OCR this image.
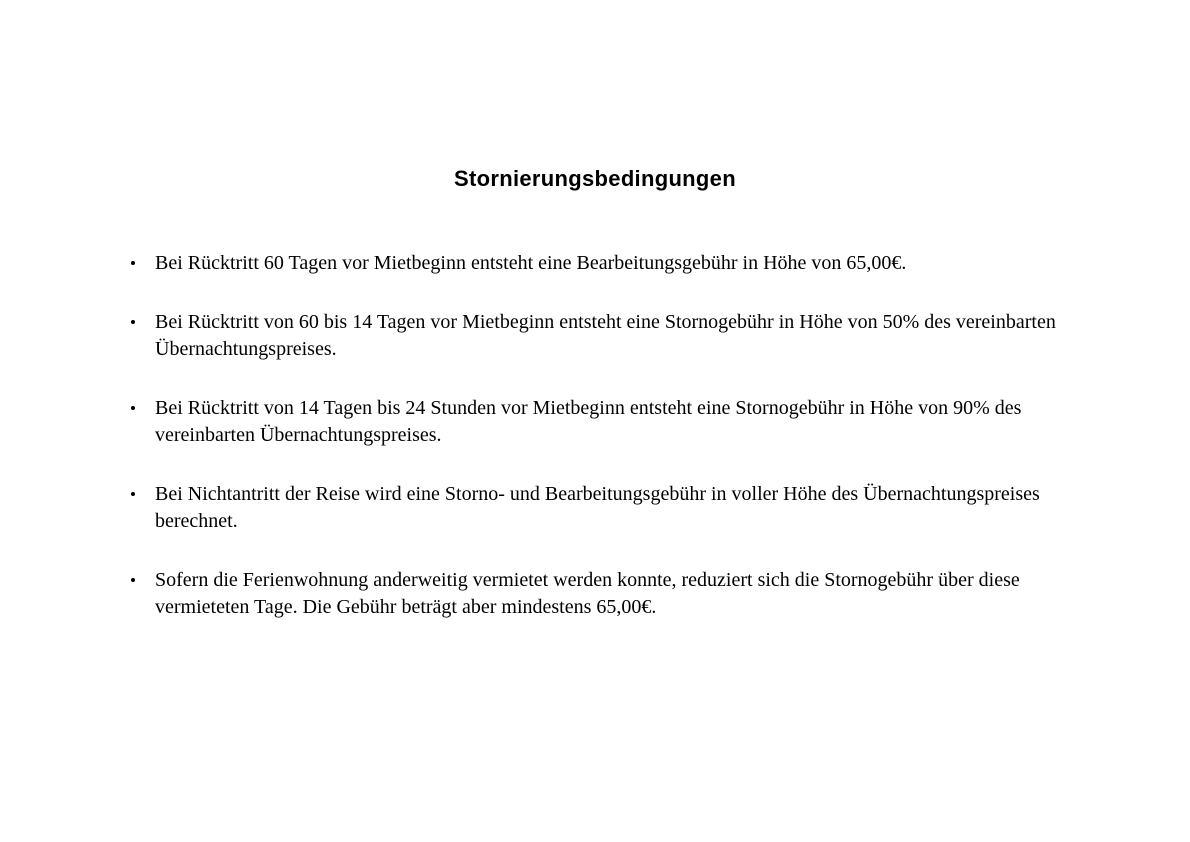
Stornierungsbedingungen
Bei Rücktritt 60 Tagen vor Mietbeginn entsteht eine Bearbeitungsgebühr in Höhe von 65,00€.
Bei Rücktritt von 60 bis 14 Tagen vor Mietbeginn entsteht eine Stornogebühr in Höhe von 50% des vereinbarten Übernachtungspreises.
Bei Rücktritt von 14 Tagen bis 24 Stunden vor Mietbeginn entsteht eine Stornogebühr in Höhe von 90% des vereinbarten Übernachtungspreises.
Bei Nichtantritt der Reise wird eine Storno- und Bearbeitungsgebühr in voller Höhe des Übernachtungspreises berechnet.
Sofern die Ferienwohnung anderweitig vermietet werden konnte, reduziert sich die Stornogebühr über diese vermieteten Tage. Die Gebühr beträgt aber mindestens 65,00€.
